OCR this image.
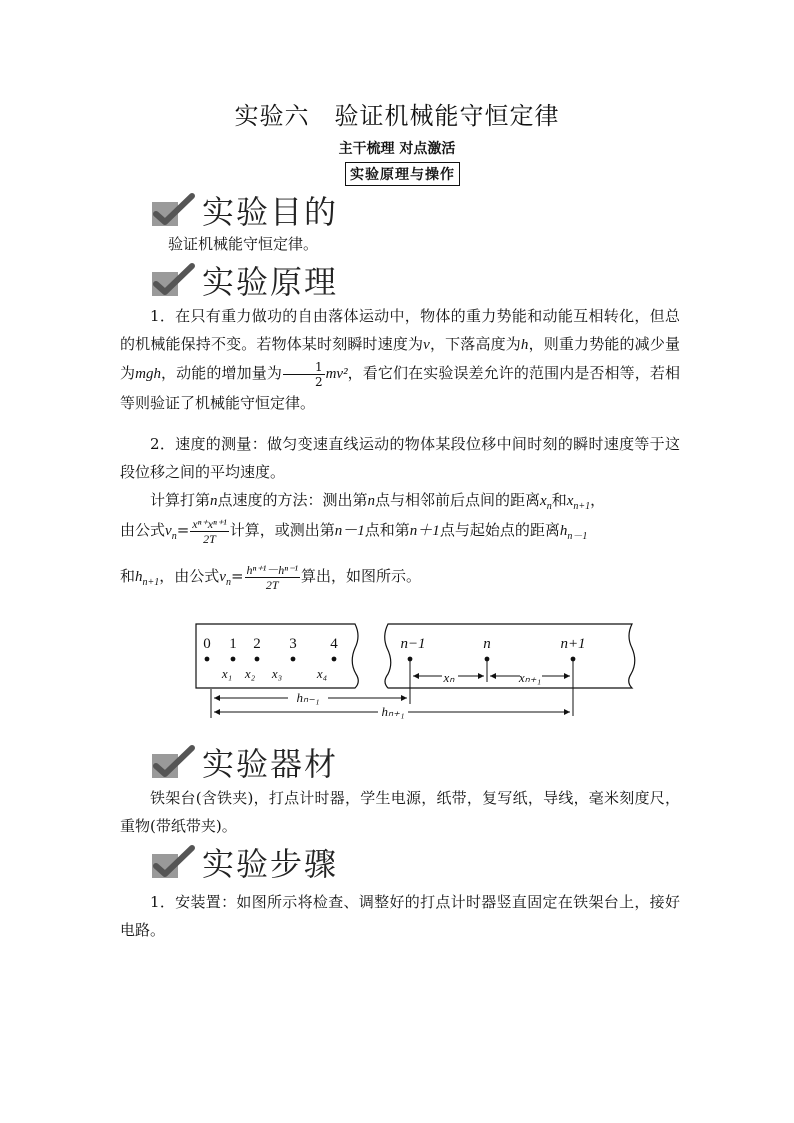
实验六　验证机械能守恒定律
主干梳理 对点激活
实验原理与操作
实验目的
验证机械能守恒定律。
实验原理
1．在只有重力做功的自由落体运动中，物体的重力势能和动能互相转化，但总的机械能保持不变。若物体某时刻瞬时速度为v，下落高度为h，则重力势能的减少量为mgh，动能的增加量为 $\frac{1}{2} mv^2$，看它们在实验误差允许的范围内是否相等，若相等则验证了机械能守恒定律。
2．速度的测量：做匀变速直线运动的物体某段位移中间时刻的瞬时速度等于这段位移之间的平均速度。
计算打第n点速度的方法：测出第n点与相邻前后点间的距离$x_n$和$x_{n+1}$，
由公式$v_n= \frac{\text{xⁿ⁺xⁿ⁺¹}}{2T}$ 计算，或测出第n－1点和第n＋1点与起始点的距离$h_{n-1}$
和$h_{n+1}$，由公式$v_n= \frac{\text{hⁿ⁺¹－hⁿ⁻¹}}{2T}$ 算出，如图所示。
0 1 2 3 4	n−1	n	n+1
x₁ x₂ x₃	x₄	xₙ	xₙ₊₁
hₙ₋₁
hₙ₊₁
实验器材
铁架台(含铁夹)，打点计时器，学生电源，纸带，复写纸，导线，毫米刻度尺，重物(带纸带夹)。
实验步骤
1．安装置：如图所示将检查、调整好的打点计时器竖直固定在铁架台上，接好电路。
